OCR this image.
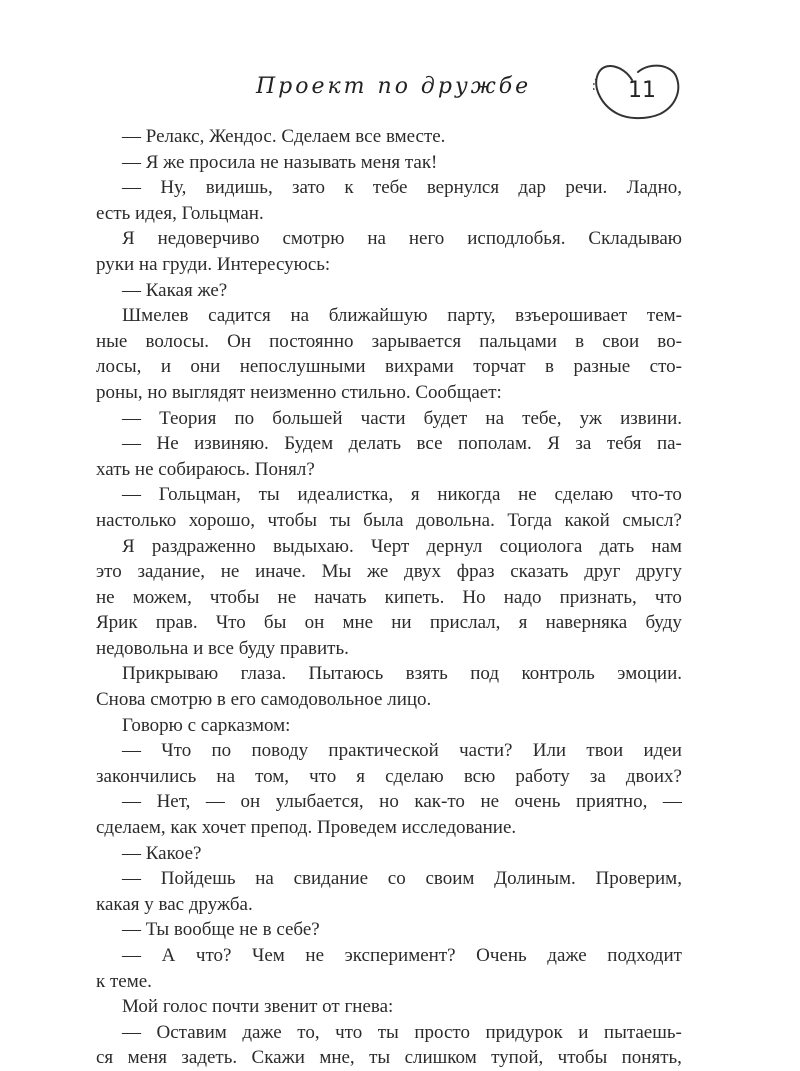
Проект по дружбе	11
— Релакс, Жендос. Сделаем все вместе.
— Я же просила не называть меня так!
— Ну, видишь, зато к тебе вернулся дар речи. Ладно,
есть идея, Гольцман.
Я недоверчиво смотрю на него исподлобья. Складываю
руки на груди. Интересуюсь:
— Какая же?
Шмелев садится на ближайшую парту, взъерошивает тем-
ные волосы. Он постоянно зарывается пальцами в свои во-
лосы, и они непослушными вихрами торчат в разные сто-
роны, но выглядят неизменно стильно. Сообщает:
— Теория по большей части будет на тебе, уж извини.
— Не извиняю. Будем делать все пополам. Я за тебя па-
хать не собираюсь. Понял?
— Гольцман, ты идеалистка, я никогда не сделаю что-то
настолько хорошо, чтобы ты была довольна. Тогда какой смысл?
Я раздраженно выдыхаю. Черт дернул социолога дать нам
это задание, не иначе. Мы же двух фраз сказать друг другу
не можем, чтобы не начать кипеть. Но надо признать, что
Ярик прав. Что бы он мне ни прислал, я наверняка буду
недовольна и все буду править.
Прикрываю глаза. Пытаюсь взять под контроль эмоции.
Снова смотрю в его самодовольное лицо.
Говорю с сарказмом:
— Что по поводу практической части? Или твои идеи
закончились на том, что я сделаю всю работу за двоих?
— Нет, — он улыбается, но как-то не очень приятно, —
сделаем, как хочет препод. Проведем исследование.
— Какое?
— Пойдешь на свидание со своим Долиным. Проверим,
какая у вас дружба.
— Ты вообще не в себе?
— А что? Чем не эксперимент? Очень даже подходит
к теме.
Мой голос почти звенит от гнева:
— Оставим даже то, что ты просто придурок и пытаешь-
ся меня задеть. Скажи мне, ты слишком тупой, чтобы понять,
